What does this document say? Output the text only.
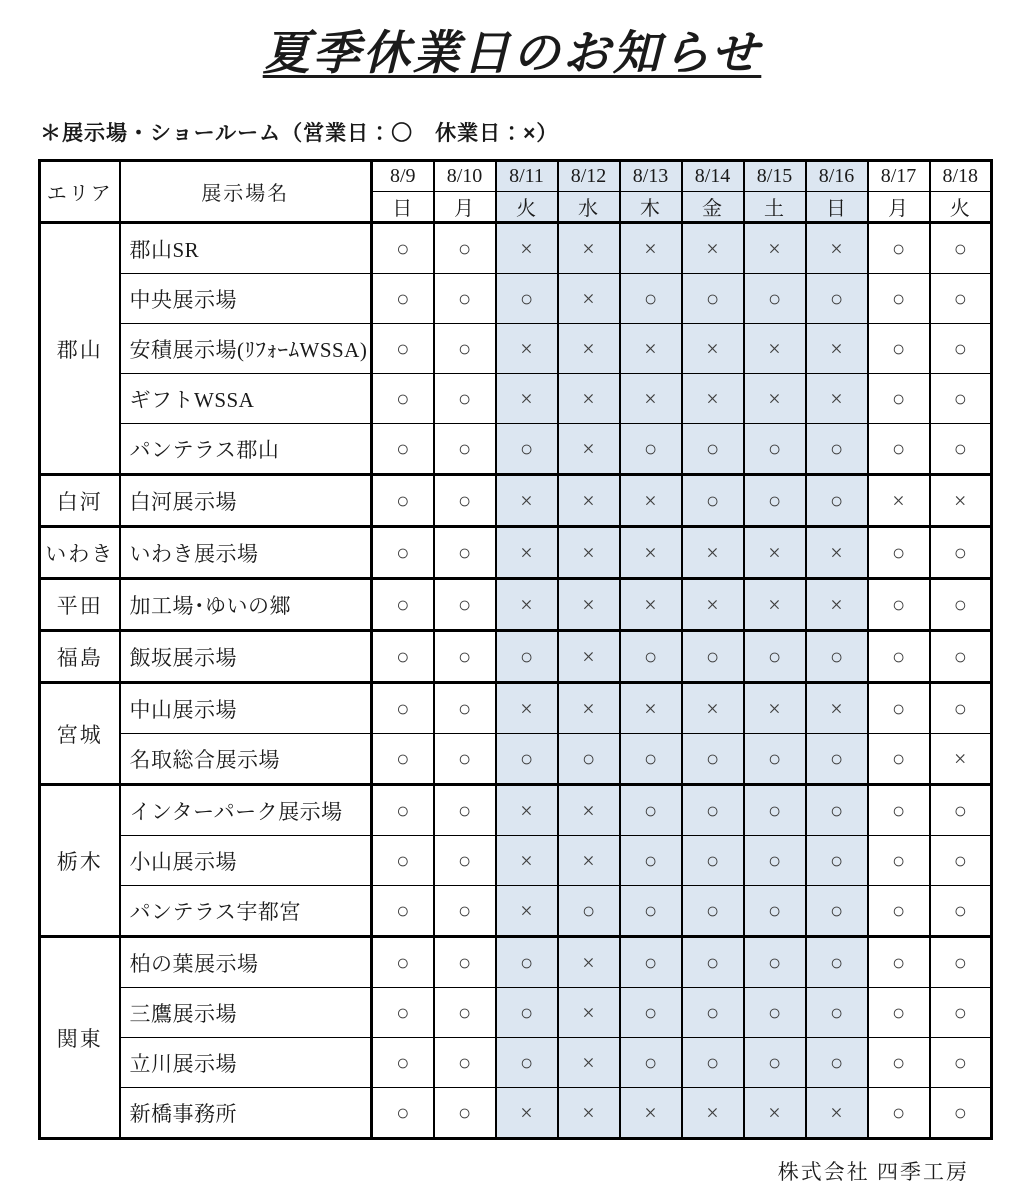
夏季休業日のお知らせ
＊展示場・ショールーム（営業日：〇　休業日：×）
エリア	展示場名	8/9	8/10	8/11	8/12	8/13	8/14	8/15	8/16	8/17	8/18
		日	月	火	水	木	金	土	日	月	火
郡山	郡山SR	○	○	×	×	×	×	×	×	○	○
	中央展示場	○	○	○	×	○	○	○	○	○	○
	安積展示場(ﾘﾌｫｰﾑWSSA)	○	○	×	×	×	×	×	×	○	○
	ギフトWSSA	○	○	×	×	×	×	×	×	○	○
	パンテラス郡山	○	○	○	×	○	○	○	○	○	○
白河	白河展示場	○	○	×	×	×	○	○	○	×	×
いわき	いわき展示場	○	○	×	×	×	×	×	×	○	○
平田	加工場･ゆいの郷	○	○	×	×	×	×	×	×	○	○
福島	飯坂展示場	○	○	○	×	○	○	○	○	○	○
宮城	中山展示場	○	○	×	×	×	×	×	×	○	○
	名取総合展示場	○	○	○	○	○	○	○	○	○	×
栃木	インターパーク展示場	○	○	×	×	○	○	○	○	○	○
	小山展示場	○	○	×	×	○	○	○	○	○	○
	パンテラス宇都宮	○	○	×	○	○	○	○	○	○	○
関東	柏の葉展示場	○	○	○	×	○	○	○	○	○	○
	三鷹展示場	○	○	○	×	○	○	○	○	○	○
	立川展示場	○	○	○	×	○	○	○	○	○	○
	新橋事務所	○	○	×	×	×	×	×	×	○	○
株式会社 四季工房
